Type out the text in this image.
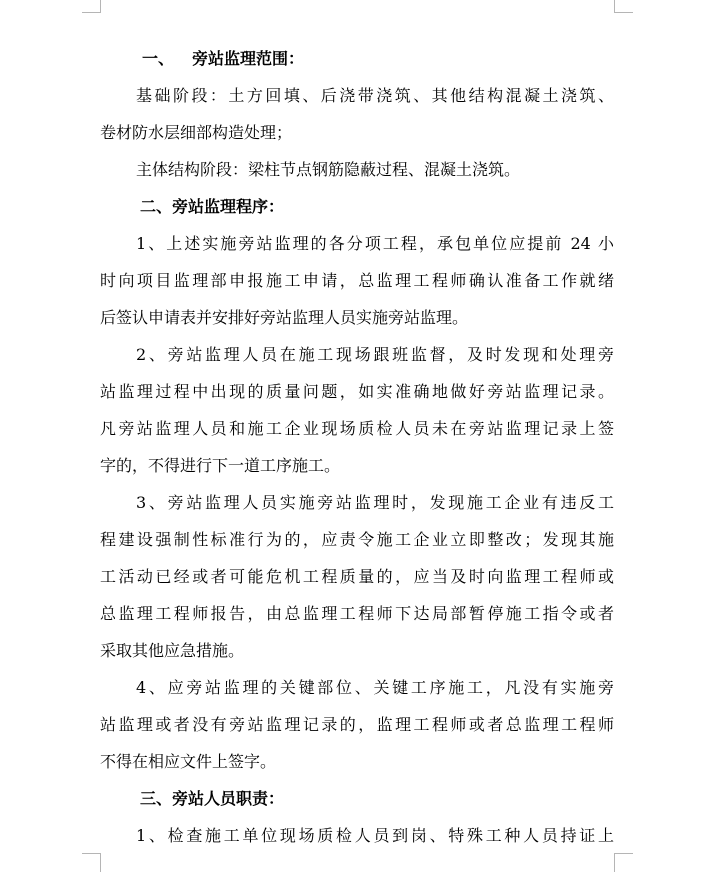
一、 旁站监理范围：
基础阶段：土方回填、后浇带浇筑、其他结构混凝土浇筑、
卷材防水层细部构造处理；
主体结构阶段：梁柱节点钢筋隐蔽过程、混凝土浇筑。
二、旁站监理程序：
1、上述实施旁站监理的各分项工程，承包单位应提前 24 小
时向项目监理部申报施工申请，总监理工程师确认准备工作就绪
后签认申请表并安排好旁站监理人员实施旁站监理。
2、旁站监理人员在施工现场跟班监督，及时发现和处理旁
站监理过程中出现的质量问题，如实准确地做好旁站监理记录。
凡旁站监理人员和施工企业现场质检人员未在旁站监理记录上签
字的，不得进行下一道工序施工。
3、旁站监理人员实施旁站监理时，发现施工企业有违反工
程建设强制性标准行为的，应责令施工企业立即整改；发现其施
工活动已经或者可能危机工程质量的，应当及时向监理工程师或
总监理工程师报告，由总监理工程师下达局部暂停施工指令或者
采取其他应急措施。
4、应旁站监理的关键部位、关键工序施工，凡没有实施旁
站监理或者没有旁站监理记录的，监理工程师或者总监理工程师
不得在相应文件上签字。
三、旁站人员职责：
1、检查施工单位现场质检人员到岗、特殊工种人员持证上
